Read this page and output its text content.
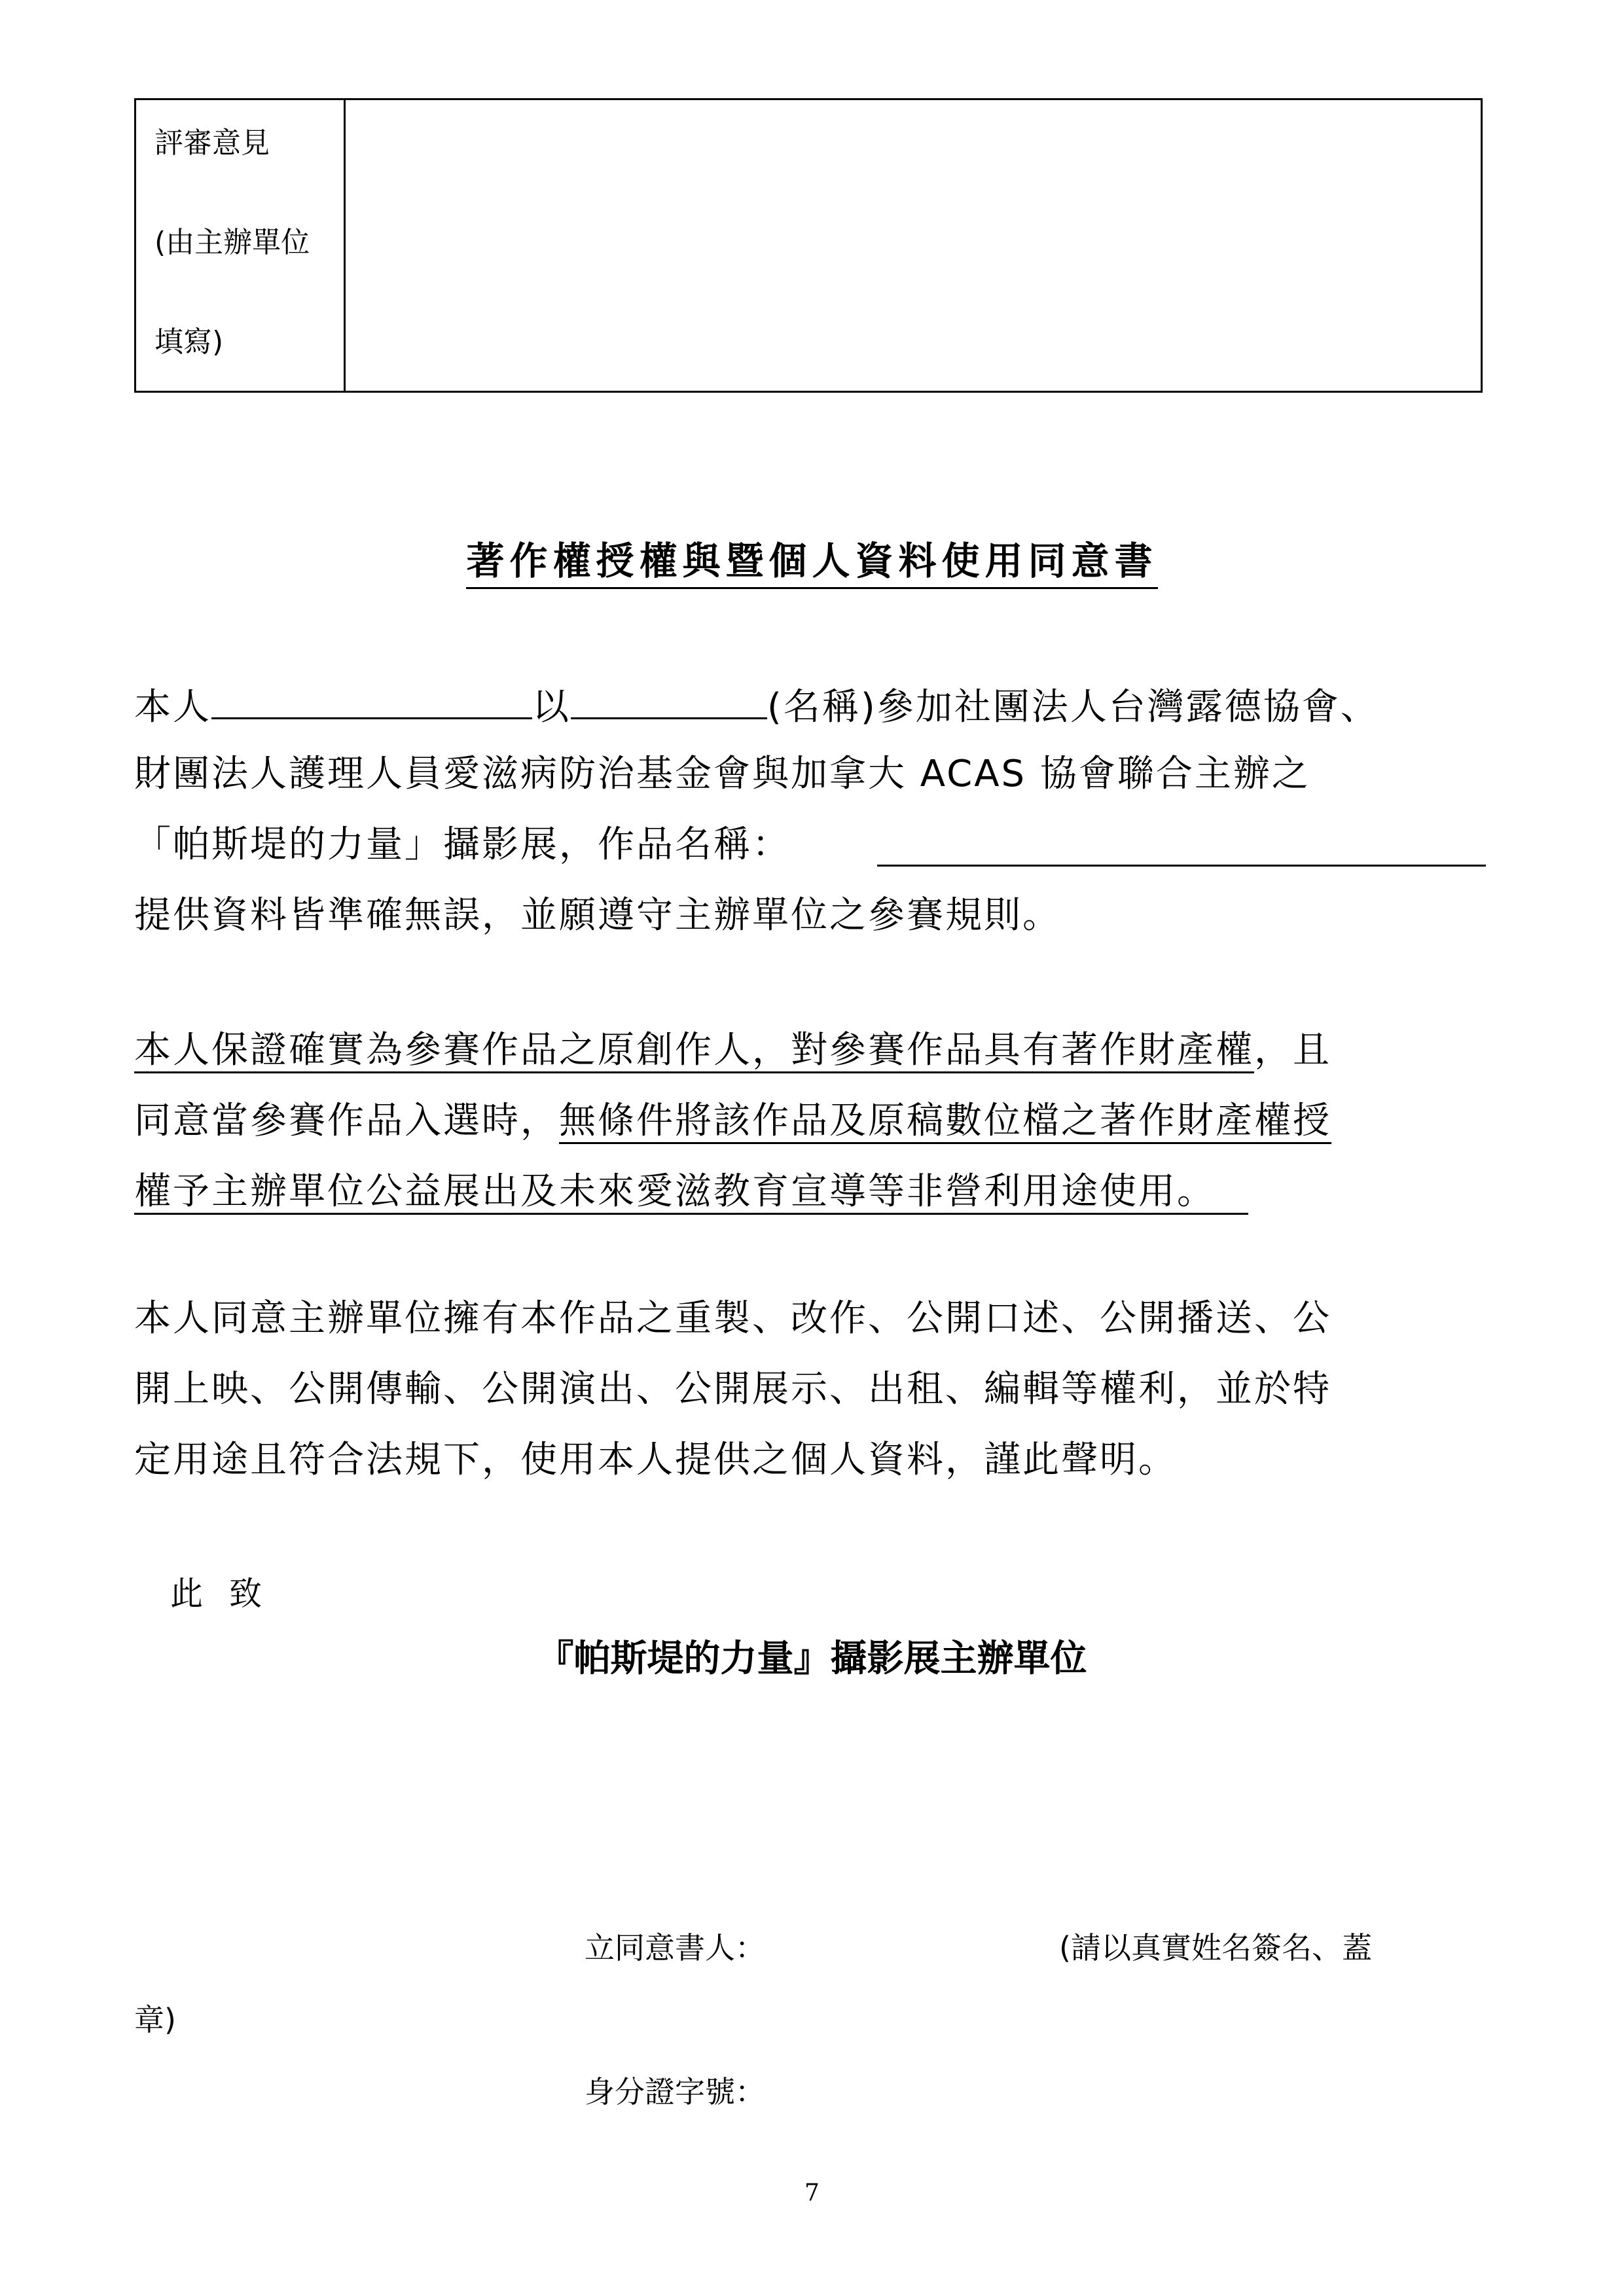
評審意見
(由主辦單位
填寫)
著作權授權與暨個人資料使用同意書
本人	以	(名稱)參加社團法人台灣露德協會、
財團法人護理人員愛滋病防治基金會與加拿大 ACAS 協會聯合主辦之
「帕斯堤的力量」攝影展，作品名稱：
提供資料皆準確無誤，並願遵守主辦單位之參賽規則。
本人保證確實為參賽作品之原創作人，對參賽作品具有著作財產權，且
同意當參賽作品入選時，無條件將該作品及原稿數位檔之著作財產權授
權予主辦單位公益展出及未來愛滋教育宣導等非營利用途使用。
本人同意主辦單位擁有本作品之重製、改作、公開口述、公開播送、公
開上映、公開傳輸、公開演出、公開展示、出租、編輯等權利，並於特
定用途且符合法規下，使用本人提供之個人資料，謹此聲明。
此致
『帕斯堤的力量』攝影展主辦單位
立同意書人：	(請以真實姓名簽名、蓋
章)
身分證字號：
7
